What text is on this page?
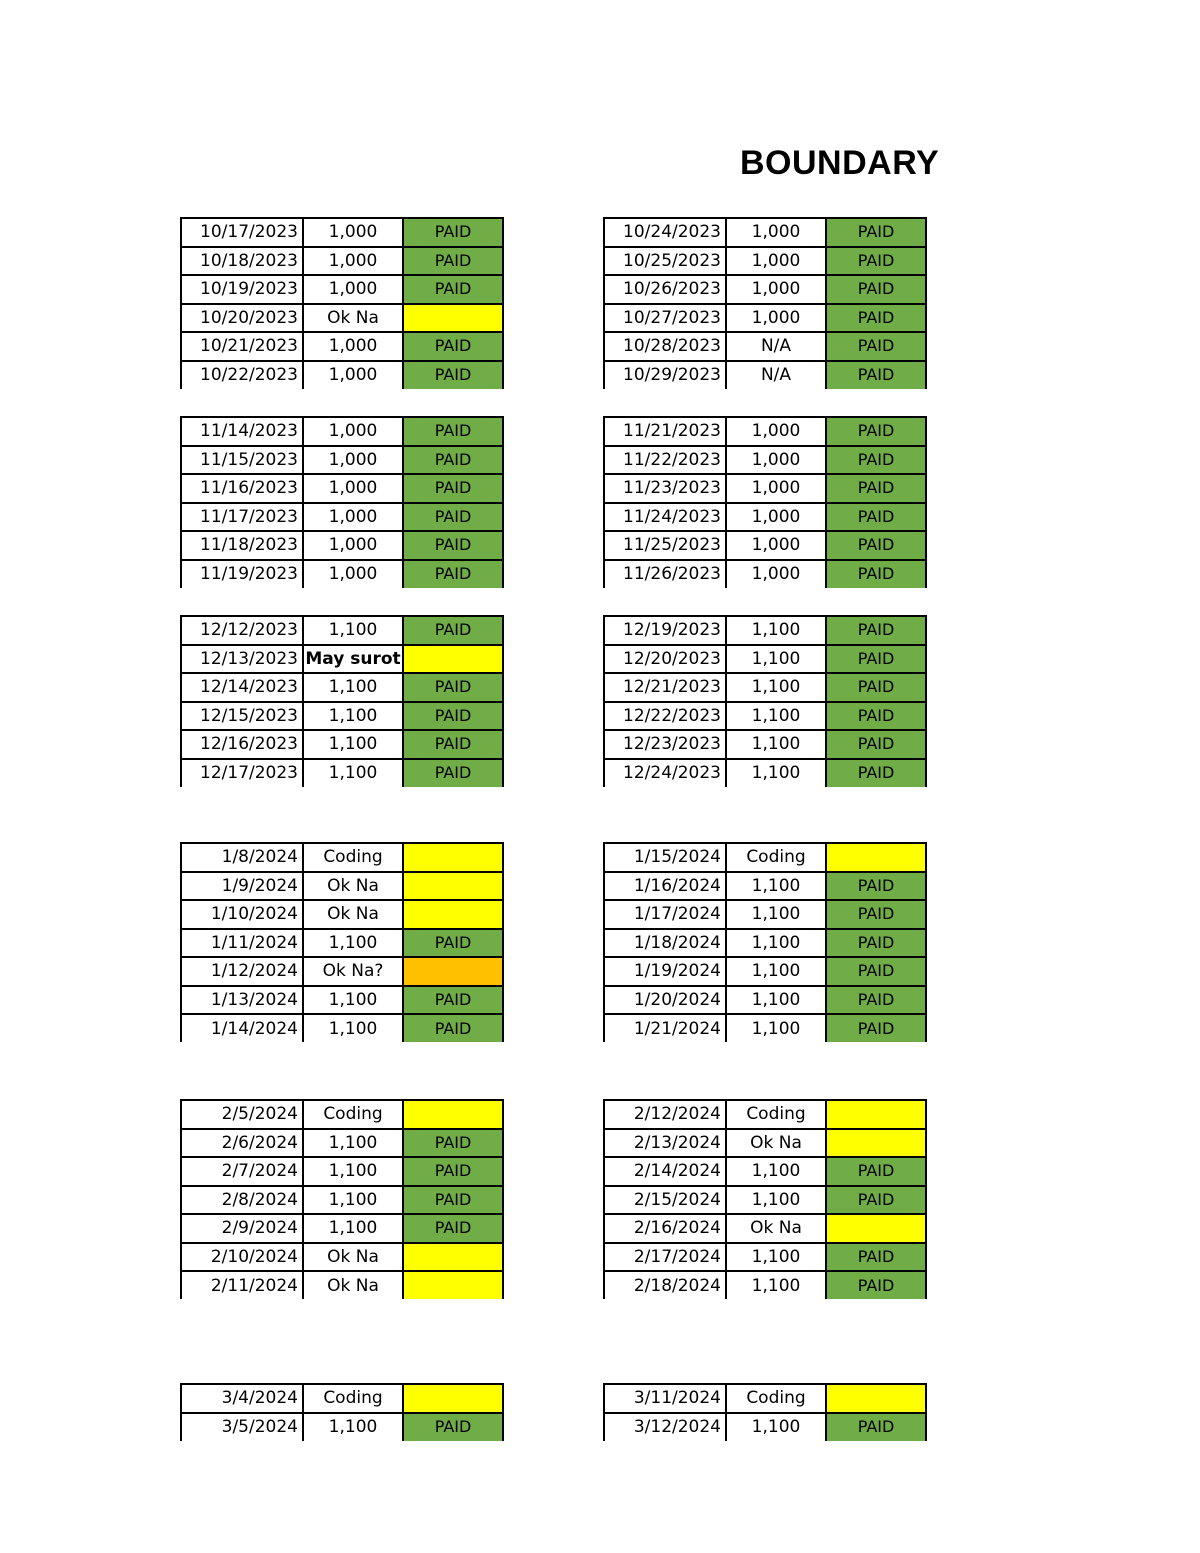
BOUNDARY
10/17/2023	1,000	PAID
10/18/2023	1,000	PAID
10/19/2023	1,000	PAID
10/20/2023	Ok Na	
10/21/2023	1,000	PAID
10/22/2023	1,000	PAID
10/24/2023	1,000	PAID
10/25/2023	1,000	PAID
10/26/2023	1,000	PAID
10/27/2023	1,000	PAID
10/28/2023	N/A	PAID
10/29/2023	N/A	PAID
11/14/2023	1,000	PAID
11/15/2023	1,000	PAID
11/16/2023	1,000	PAID
11/17/2023	1,000	PAID
11/18/2023	1,000	PAID
11/19/2023	1,000	PAID
11/21/2023	1,000	PAID
11/22/2023	1,000	PAID
11/23/2023	1,000	PAID
11/24/2023	1,000	PAID
11/25/2023	1,000	PAID
11/26/2023	1,000	PAID
12/12/2023	1,100	PAID
12/13/2023	May surot	
12/14/2023	1,100	PAID
12/15/2023	1,100	PAID
12/16/2023	1,100	PAID
12/17/2023	1,100	PAID
12/19/2023	1,100	PAID
12/20/2023	1,100	PAID
12/21/2023	1,100	PAID
12/22/2023	1,100	PAID
12/23/2023	1,100	PAID
12/24/2023	1,100	PAID
1/8/2024	Coding	
1/9/2024	Ok Na	
1/10/2024	Ok Na	
1/11/2024	1,100	PAID
1/12/2024	Ok Na?	
1/13/2024	1,100	PAID
1/14/2024	1,100	PAID
1/15/2024	Coding	
1/16/2024	1,100	PAID
1/17/2024	1,100	PAID
1/18/2024	1,100	PAID
1/19/2024	1,100	PAID
1/20/2024	1,100	PAID
1/21/2024	1,100	PAID
2/5/2024	Coding	
2/6/2024	1,100	PAID
2/7/2024	1,100	PAID
2/8/2024	1,100	PAID
2/9/2024	1,100	PAID
2/10/2024	Ok Na	
2/11/2024	Ok Na	
2/12/2024	Coding	
2/13/2024	Ok Na	
2/14/2024	1,100	PAID
2/15/2024	1,100	PAID
2/16/2024	Ok Na	
2/17/2024	1,100	PAID
2/18/2024	1,100	PAID
3/4/2024	Coding	
3/5/2024	1,100	PAID
3/11/2024	Coding	
3/12/2024	1,100	PAID
